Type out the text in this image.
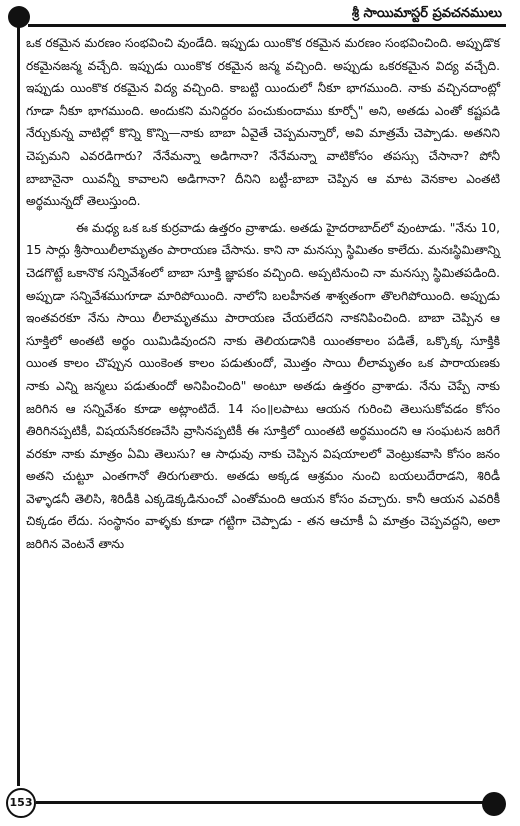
శ్రీ సాయిమాస్టర్ ప్రవచనములు

ఒక రకమైన మరణం సంభవించి వుండేది. ఇప్పుడు యింకొక రకమైన మరణం సంభవించింది. అప్పుడొక రకమైనజన్మ వచ్చేది. ఇప్పుడు యింకొక రకమైన జన్మ వచ్చింది. అప్పుడు ఒకరకమైన విద్య వచ్చేది. ఇప్పుడు యింకొక రకమైన విద్య వచ్చింది. కాబట్టి యిందులో నీకూ భాగముంది. నాకు వచ్చినదాంట్లో గూడా నీకూ భాగముంది. అందుకని మనిద్దరం పంచుకుందాము కూర్చో" అని, అతడు ఎంతో కష్టపడి నేర్చుకున్న వాటిల్లో కొన్ని కొన్ని—నాకు బాబా ఏవైతే చెప్పమన్నారో, అవి మాత్రమే చెప్పాడు. అతనిని చెప్పమని ఎవరడిగారు? నేనేమన్నా అడిగానా? నేనేమన్నా వాటికోసం తపస్సు చేసానా? పోనీ బాబానైనా యివన్నీ కావాలని అడిగానా? దీనిని బట్టీ-బాబా చెప్పిన ఆ మాట వెనకాల ఎంతటి అర్థమున్నదో తెలుస్తుంది.

ఈ మధ్య ఒక ఒక కుర్రవాడు ఉత్తరం వ్రాశాడు. అతడు హైదరాబాద్‌లో వుంటాడు. "నేను 10, 15 సార్లు శ్రీసాయిలీలామృతం పారాయణ చేసాను. కాని నా మనస్సు స్థిమితం కాలేదు. మనఃస్థిమితాన్ని చెడగొట్టే ఒకానొక సన్నివేశంలో బాబా సూక్తి జ్ఞాపకం వచ్చింది. అప్పటినుంచి నా మనస్సు స్థిమితపడింది. అప్పుడా సన్నివేశముగూడా మారిపోయింది. నాలోని బలహీనత శాశ్వతంగా తొలగిపోయింది. అప్పుడు ఇంతవరకూ నేను సాయి లీలామృతము పారాయణ చేయలేదని నాకనిపించింది. బాబా చెప్పిన ఆ సూక్తిలో అంతటి అర్థం యిమిడివుందని నాకు తెలియడానికి యింతకాలం పడితే, ఒక్కొక్క సూక్తికి యింత కాలం చొప్పున యింకెంత కాలం పడుతుందో, మొత్తం సాయి లీలామృతం ఒక పారాయణకు నాకు ఎన్ని జన్మలు పడుతుందో అనిపించింది" అంటూ అతడు ఉత్తరం వ్రాశాడు. నేను చెప్పే నాకు జరిగిన ఆ సన్నివేశం కూడా అట్లాంటిదే. 14 సం॥లపాటు ఆయన గురించి తెలుసుకోవడం కోసం తిరిగినప్పటికీ, విషయసేకరణచేసి వ్రాసినప్పటికీ ఈ సూక్తిలో యింతటి అర్థముందని ఆ సంఘటన జరిగే వరకూ నాకు మాత్రం ఏమి తెలుసు? ఆ సాధువు నాకు చెప్పిన విషయాలలో వెంట్రుకవాసి కోసం జనం అతని చుట్టూ ఎంతగానో తిరుగుతారు. అతడు అక్కడ ఆశ్రమం నుంచి బయలుదేరాడని, శిరిడీ వెళ్ళాడనీ తెలిసి, శిరిడీకి ఎక్కడెక్కడినుంచో ఎంతోమంది ఆయన కోసం వచ్చారు. కానీ ఆయన ఎవరికీ చిక్కడం లేదు. సంస్థానం వాళ్ళకు కూడా గట్టిగా చెప్పాడు - తన ఆచూకీ ఏ మాత్రం చెప్పవద్దని, అలా జరిగిన వెంటనే తాను

153
